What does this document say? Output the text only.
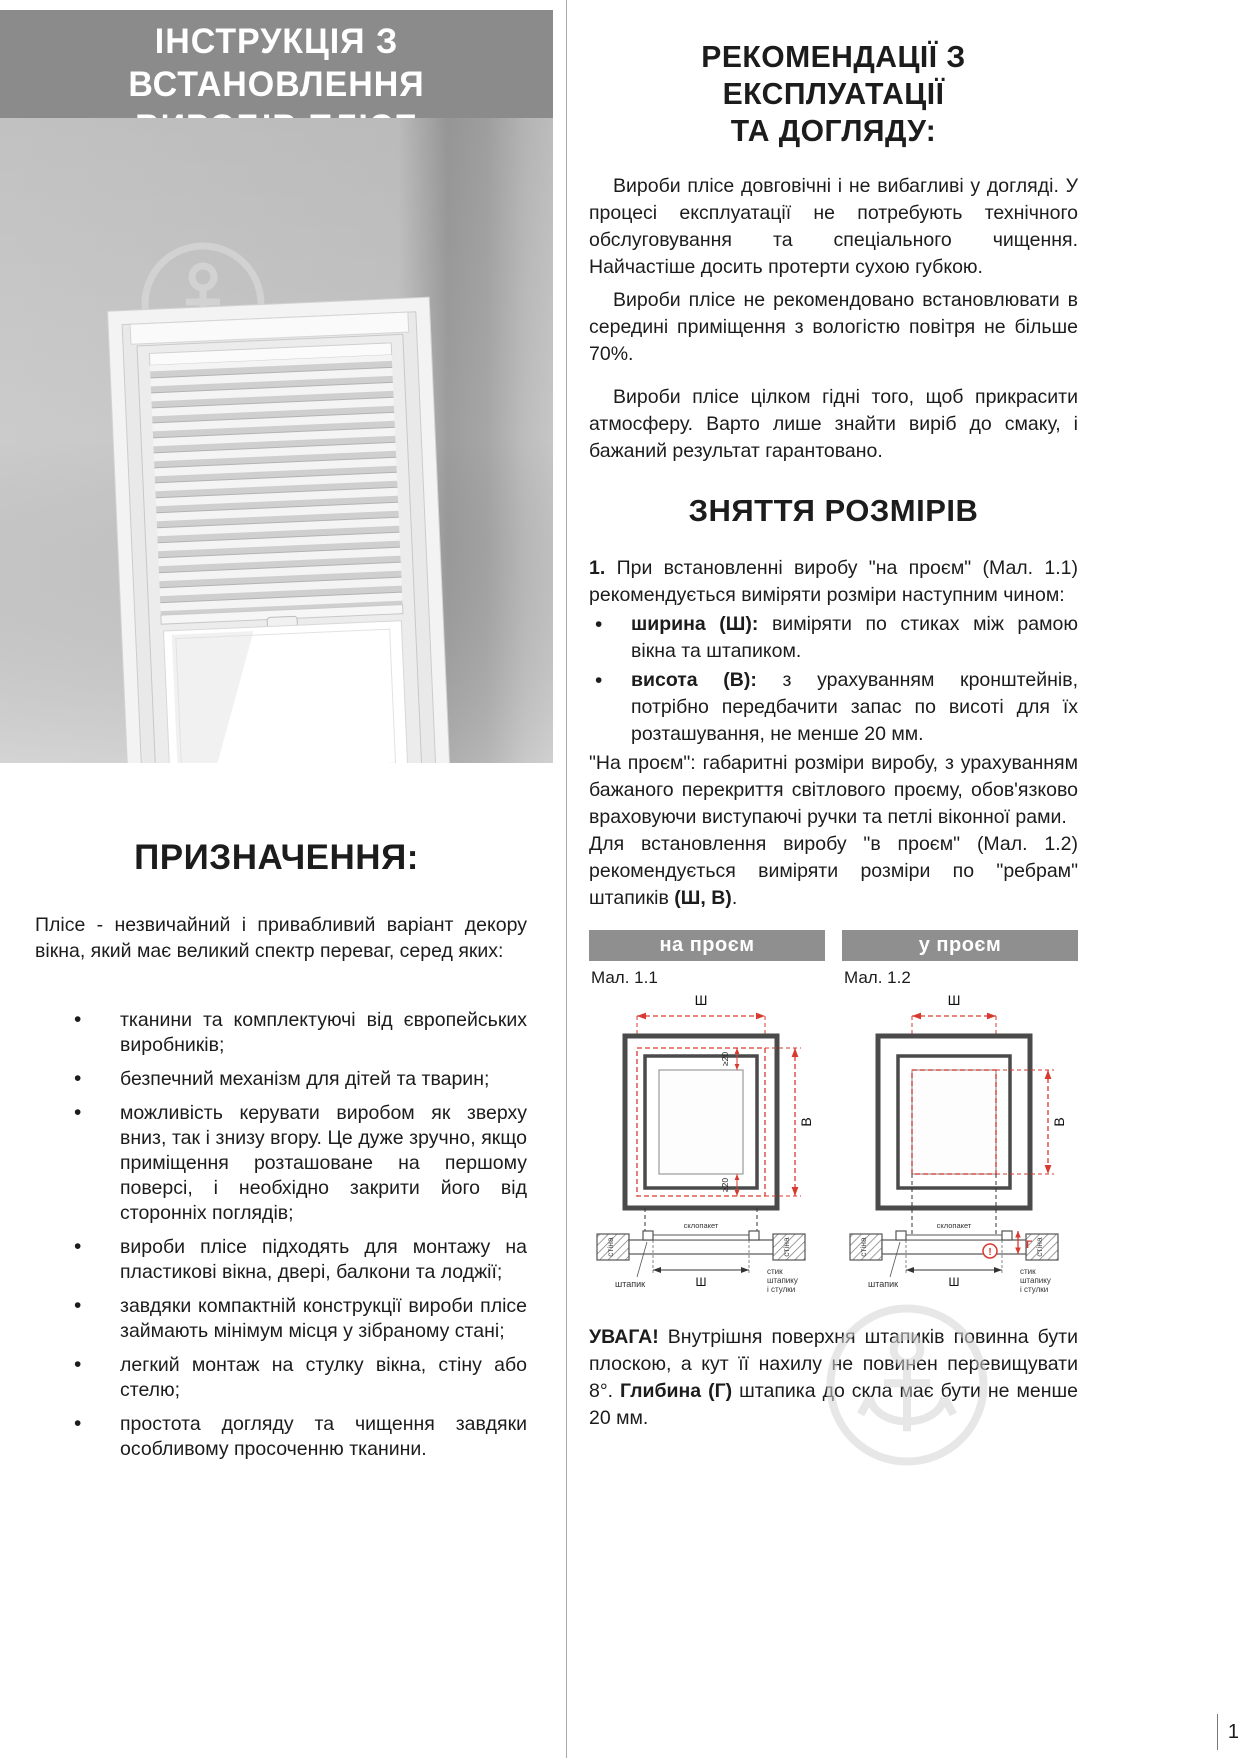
ІНСТРУКЦІЯ З ВСТАНОВЛЕННЯ
ПРИЗНАЧЕННЯ:
Плісе - незвичайний і привабливий варіант декору вікна, який має великий спектр переваг, серед яких:
• тканини та комплектуючі від європейських виробників;
• безпечний механізм для дітей та тварин;
• можливість керувати виробом як зверху вниз, так і знизу вгору. Це дуже зручно, якщо приміщення розташоване на першому поверсі, і необхідно закрити його від сторонніх поглядів;
• вироби плісе підходять для монтажу на пластикові вікна, двері, балкони та лоджії;
• завдяки компактній конструкції вироби плісе займають мінімум місця у зібраному стані;
• легкий монтаж на стулку вікна, стіну або стелю;
• простота догляду та чищення завдяки особливому просоченню тканини.
РЕКОМЕНДАЦІЇ З ЕКСПЛУАТАЦІЇ
ТА ДОГЛЯДУ:

Вироби плісе довговічні і не вибагливі у догляді. У процесі експлуатації не потребують технічного обслуговування та спеціального чищення. Найчастіше досить протерти сухою губкою.

Вироби плісе не рекомендовано встановлювати в середині приміщення з вологістю повітря не більше 70%.

Вироби плісе цілком гідні того, щоб прикрасити атмосферу. Варто лише знайти виріб до смаку, і бажаний результат гарантовано.

ЗНЯТТЯ РОЗМІРІВ

1. При встановленні виробу "на проєм" (Мал. 1.1) рекомендується виміряти розміри наступним чином:

• ширина (Ш): виміряти по стиках між рамою вікна та штапиком.
• висота (В): з урахуванням кронштейнів, потрібно передбачити запас по висоті для їх розташування, не менше 20 мм.

"На проєм": габаритні розміри виробу, з урахуванням бажаного перекриття світлового проєму, обов'язково враховуючи виступаючі ручки та петлі віконної рами.

Для встановлення виробу "в проєм" (Мал. 1.2) рекомендується виміряти розміри по "ребрам" штапиків (Ш, В).

на проєм
Мал. 1.1
Ш
В
≥20
≥20
склопакет
стіна	стіна
Ш
штапик
стик
штапику
і стулки
у проєм
Мал. 1.2
Ш
В
склопакет
стіна	стіна
Г
!
Ш
штапик
стик
штапику
і стулки

УВАГА! Внутрішня поверхня штапиків повинна бути плоскою, а кут її нахилу не повинен перевищувати 8°. Глибина (Г) штапика до скла має бути не менше 20 мм.

1
